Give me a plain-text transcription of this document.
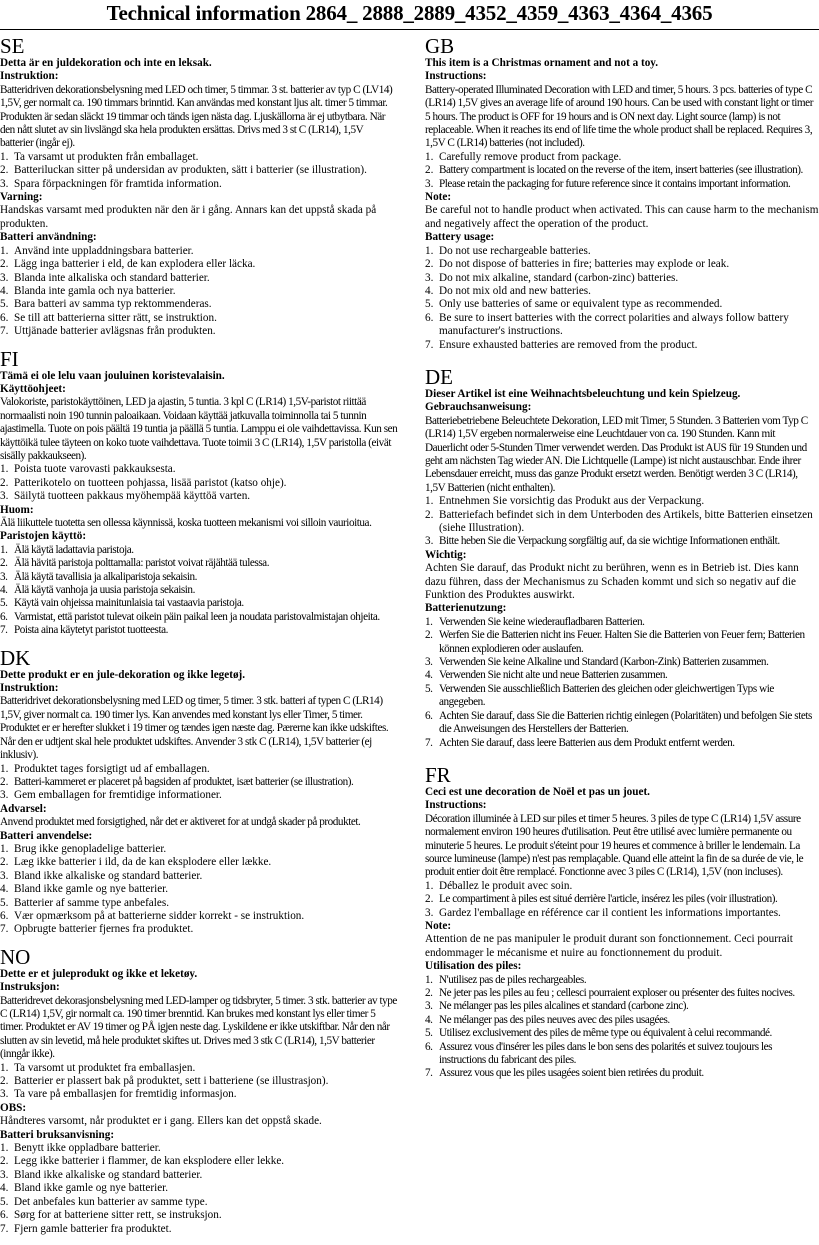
Technical information 2864_ 2888_2889_4352_4359_4363_4364_4365
SE

Detta är en juldekoration och inte en leksak.

Instruktion:

Batteridriven dekorationsbelysning med LED och timer, 5 timmar. 3 st. batterier av typ C (LV14) 1,5V, ger normalt ca. 190 timmars brinntid. Kan användas med konstant ljus alt. timer 5 timmar. Produkten är sedan släckt 19 timmar och tänds igen nästa dag. Ljuskällorna är ej utbytbara. När den nått slutet av sin livslängd ska hela produkten ersättas. Drivs med 3 st C (LR14), 1,5V batterier (ingår ej).

1. Ta varsamt ut produkten från emballaget.
2. Batteriluckan sitter på undersidan av produkten, sätt i batterier (se illustration).
3. Spara förpackningen för framtida information.

Varning:

Handskas varsamt med produkten när den är i gång. Annars kan det uppstå skada på produkten.

Batteri användning:

1. Använd inte uppladdningsbara batterier.
2. Lägg inga batterier i eld, de kan explodera eller läcka.
3. Blanda inte alkaliska och standard batterier.
4. Blanda inte gamla och nya batterier.
5. Bara batteri av samma typ rektommenderas.
6. Se till att batterierna sitter rätt, se instruktion.
7. Uttjänade batterier avlägsnas från produkten.
FI

Tämä ei ole lelu vaan jouluinen koristevalaisin.

Käyttöohjeet:

Valokoriste, paristokäyttöinen, LED ja ajastin, 5 tuntia. 3 kpl C (LR14) 1,5V-paristot riittää normaalisti noin 190 tunnin paloaikaan. Voidaan käyttää jatkuvalla toiminnolla tai 5 tunnin ajastimella. Tuote on pois päältä 19 tuntia ja päällä 5 tuntia. Lamppu ei ole vaihdettavissa. Kun sen käyttöikä tulee täyteen on koko tuote vaihdettava. Tuote toimii 3 C (LR14), 1,5V paristolla (eivät sisälly pakkaukseen).

1. Poista tuote varovasti pakkauksesta.
2. Patterikotelo on tuotteen pohjassa, lisää paristot (katso ohje).
3. Säilytä tuotteen pakkaus myöhempää käyttöä varten.

Huom:

Älä liikuttele tuotetta sen ollessa käynnissä, koska tuotteen mekanismi voi silloin vaurioitua.

Paristojen käyttö:

1. Älä käytä ladattavia paristoja.
2. Älä hävitä paristoja polttamalla: paristot voivat räjähtää tulessa.
3. Älä käytä tavallisia ja alkaliparistoja sekaisin.
4. Älä käytä vanhoja ja uusia paristoja sekaisin.
5. Käytä vain ohjeissa mainitunlaisia tai vastaavia paristoja.
6. Varmistat, että paristot tulevat oikein päin paikal leen ja noudata paristovalmistajan ohjeita.
7. Poista aina käytetyt paristot tuotteesta.
DK

Dette produkt er en jule-dekoration og ikke legetøj.

Instruktion:

Batteridrivet dekorationsbelysning med LED og timer, 5 timer. 3 stk. batteri af typen C (LR14) 1,5V, giver normalt ca. 190 timer lys. Kan anvendes med konstant lys eller Timer, 5 timer. Produktet er er herefter slukket i 19 timer og tændes igen næste dag. Pærerne kan ikke udskiftes. Når den er udtjent skal hele produktet udskiftes. Anvender 3 stk C (LR14), 1,5V batterier (ej inklusiv).

1. Produktet tages forsigtigt ud af emballagen.
2. Batteri-kammeret er placeret på bagsiden af produktet, isæt batterier (se illustration).
3. Gem emballagen for fremtidige informationer.

Advarsel:

Anvend produktet med forsigtighed, når det er aktiveret for at undgå skader på produktet.

Batteri anvendelse:

1. Brug ikke genopladelige batterier.
2. Læg ikke batterier i ild, da de kan eksplodere eller lække.
3. Bland ikke alkaliske og standard batterier.
4. Bland ikke gamle og nye batterier.
5. Batterier af samme type anbefales.
6. Vær opmærksom på at batterierne sidder korrekt - se instruktion.
7. Opbrugte batterier fjernes fra produktet.
NO

Dette er et juleprodukt og ikke et leketøy.

Instruksjon:

Batteridrevet dekorasjonsbelysning med LED-lamper og tidsbryter, 5 timer. 3 stk. batterier av type C (LR14) 1,5V, gir normalt ca. 190 timer brenntid. Kan brukes med konstant lys eller timer 5 timer. Produktet er AV 19 timer og PÅ igjen neste dag. Lyskildene er ikke utskiftbar. Når den når slutten av sin levetid, må hele produktet skiftes ut. Drives med 3 stk C (LR14), 1,5V batterier (inngår ikke).

1. Ta varsomt ut produktet fra emballasjen.
2. Batterier er plassert bak på produktet, sett i batteriene (se illustrasjon).
3. Ta vare på emballasjen for fremtidig informasjon.

OBS:

Håndteres varsomt, når produktet er i gang. Ellers kan det oppstå skade.

Batteri bruksanvisning:

1. Benytt ikke oppladbare batterier.
2. Legg ikke batterier i flammer, de kan eksplodere eller lekke.
3. Bland ikke alkaliske og standard batterier.
4. Bland ikke gamle og nye batterier.
5. Det anbefales kun batterier av samme type.
6. Sørg for at batteriene sitter rett, se instruksjon.
7. Fjern gamle batterier fra produktet.
GB

This item is a Christmas ornament and not a toy.

Instructions:

Battery-operated Illuminated Decoration with LED and timer, 5 hours. 3 pcs. batteries of type C (LR14) 1,5V gives an average life of around 190 hours. Can be used with constant light or timer 5 hours. The product is OFF for 19 hours and is ON next day. Light source (lamp) is not replaceable. When it reaches its end of life time the whole product shall be replaced. Requires 3, 1,5V C (LR14) batteries (not included).

1. Carefully remove product from package.
2. Battery compartment is located on the reverse of the item, insert batteries (see illustration).
3. Please retain the packaging for future reference since it contains important information.

Note:

Be careful not to handle product when activated. This can cause harm to the mechanism and negatively affect the operation of the product.

Battery usage:

1. Do not use rechargeable batteries.
2. Do not dispose of batteries in fire; batteries may explode or leak.
3. Do not mix alkaline, standard (carbon-zinc) batteries.
4. Do not mix old and new batteries.
5. Only use batteries of same or equivalent type as recommended.
6. Be sure to insert batteries with the correct polarities and always follow battery manufacturer's instructions.
7. Ensure exhausted batteries are removed from the product.
DE

Dieser Artikel ist eine Weihnachtsbeleuchtung und kein Spielzeug.

Gebrauchsanweisung:

Batteriebetriebene Beleuchtete Dekoration, LED mit Timer, 5 Stunden. 3 Batterien vom Typ C (LR14) 1,5V ergeben normalerweise eine Leuchtdauer von ca. 190 Stunden. Kann mit Dauerlicht oder 5-Stunden Timer verwendet werden. Das Produkt ist AUS für 19 Stunden und geht am nächsten Tag wieder AN. Die Lichtquelle (Lampe) ist nicht austauschbar. Ende ihrer Lebensdauer erreicht, muss das ganze Produkt ersetzt werden. Benötigt werden 3 C (LR14), 1,5V Batterien (nicht enthalten).

1. Entnehmen Sie vorsichtig das Produkt aus der Verpackung.
2. Batteriefach befindet sich in dem Unterboden des Artikels, bitte Batterien einsetzen (siehe Illustration).
3. Bitte heben Sie die Verpackung sorgfältig auf, da sie wichtige Informationen enthält.

Wichtig:

Achten Sie darauf, das Produkt nicht zu berühren, wenn es in Betrieb ist. Dies kann dazu führen, dass der Mechanismus zu Schaden kommt und sich so negativ auf die Funktion des Produktes auswirkt.

Batterienutzung:

1. Verwenden Sie keine wiederaufladbaren Batterien.
2. Werfen Sie die Batterien nicht ins Feuer. Halten Sie die Batterien von Feuer fern; Batterien können explodieren oder auslaufen.
3. Verwenden Sie keine Alkaline und Standard (Karbon-Zink) Batterien zusammen.
4. Verwenden Sie nicht alte und neue Batterien zusammen.
5. Verwenden Sie ausschließlich Batterien des gleichen oder gleichwertigen Typs wie angegeben.
6. Achten Sie darauf, dass Sie die Batterien richtig einlegen (Polaritäten) und befolgen Sie stets die Anweisungen des Herstellers der Batterien.
7. Achten Sie darauf, dass leere Batterien aus dem Produkt entfernt werden.
FR

Ceci est une decoration de Noël et pas un jouet.

Instructions:

Décoration illuminée à LED sur piles et timer 5 heures. 3 piles de type C (LR14) 1,5V assure normalement environ 190 heures d'utilisation. Peut être utilisé avec lumière permanente ou minuterie 5 heures. Le produit s'éteint pour 19 heures et commence à briller le lendemain. La source lumineuse (lampe) n'est pas remplaçable. Quand elle atteint la fin de sa durée de vie, le produit entier doit être remplacé. Fonctionne avec 3 piles C (LR14), 1,5V (non incluses).

1. Déballez le produit avec soin.
2. Le compartiment à piles est situé derrière l'article, insérez les piles (voir illustration).
3. Gardez l'emballage en référence car il contient les informations importantes.

Note:

Attention de ne pas manipuler le produit durant son fonctionnement. Ceci pourrait endommager le mécanisme et nuire au fonctionnement du produit.

Utilisation des piles:

1. N'utilisez pas de piles rechargeables.
2. Ne jeter pas les piles au feu ; cellesci pourraient exploser ou présenter des fuites nocives.
3. Ne mélanger pas les piles alcalines et standard (carbone zinc).
4. Ne mélanger pas des piles neuves avec des piles usagées.
5. Utilisez exclusivement des piles de même type ou équivalent à celui recommandé.
6. Assurez vous d'insérer les piles dans le bon sens des polarités et suivez toujours les instructions du fabricant des piles.
7. Assurez vous que les piles usagées soient bien retirées du produit.
